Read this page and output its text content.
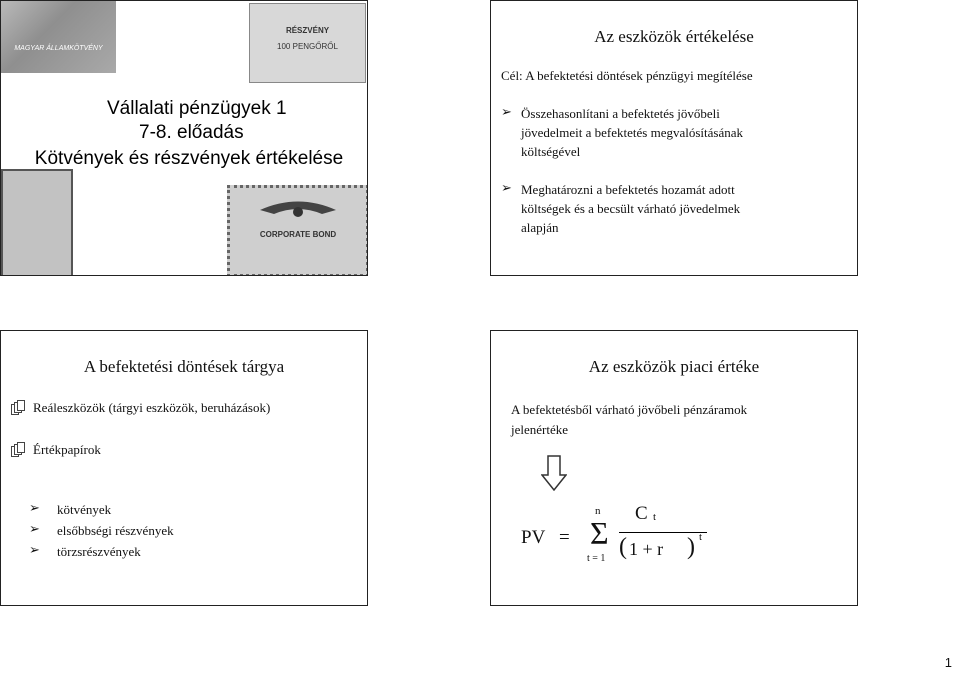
MAGYAR ÁLLAMKÖTVÉNY
RÉSZVÉNY
100 PENGŐRŐL
CORPORATE BOND
Vállalati pénzügyek 1
7-8. előadás
Kötvények és részvények értékelése
Az eszközök értékelése
Cél: A befektetési döntések pénzügyi megítélése
➢ Összehasonlítani a befektetés jövőbeli
jövedelmeit a befektetés megvalósításának
költségével
➢ Meghatározni a befektetés hozamát adott
költségek és a becsült várható jövedelmek
alapján
A befektetési döntések tárgya
Reáleszközök (tárgyi eszközök, beruházások)
Értékpapírok
➢ kötvények
➢ elsőbbségi részvények
➢ törzsrészvények
Az eszközök piaci értéke
A befektetésből várható jövőbeli pénzáramok
jelenértéke
PV = Σ
n
t = 1
C t
( 1 + r ) t
1
